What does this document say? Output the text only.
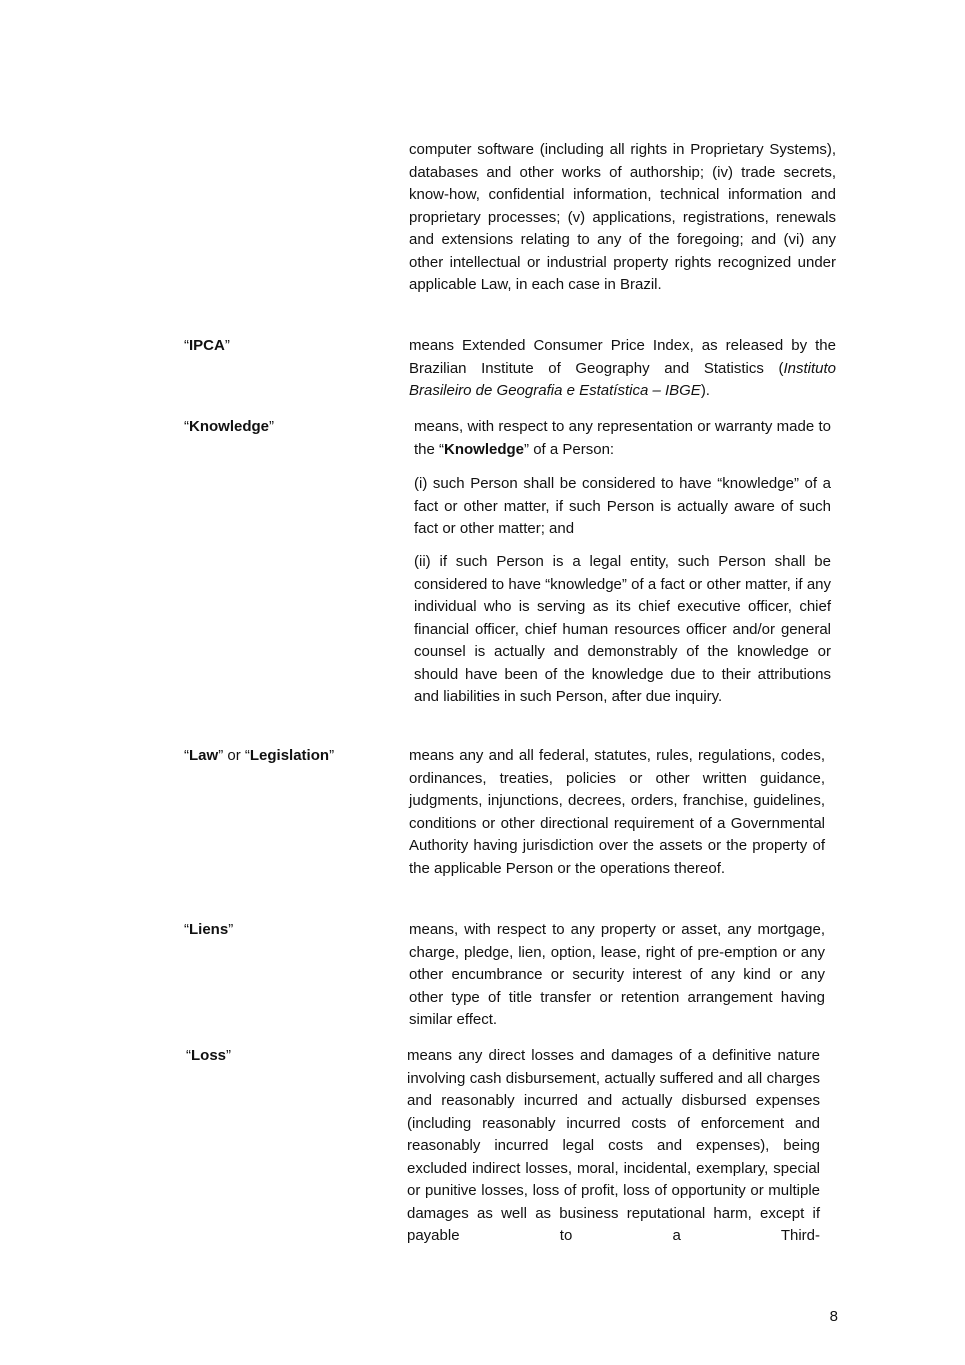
computer software (including all rights in Proprietary Systems), databases and other works of authorship; (iv) trade secrets, know-how, confidential information, technical information and proprietary processes; (v) applications, registrations, renewals and extensions relating to any of the foregoing; and (vi) any other intellectual or industrial property rights recognized under applicable Law, in each case in Brazil.

“IPCA”	means Extended Consumer Price Index, as released by the Brazilian Institute of Geography and Statistics (Instituto Brasileiro de Geografia e Estatística – IBGE).

“Knowledge”	means, with respect to any representation or warranty made to the “Knowledge” of a Person:

(i) such Person shall be considered to have “knowledge” of a fact or other matter, if such Person is actually aware of such fact or other matter; and

(ii) if such Person is a legal entity, such Person shall be considered to have “knowledge” of a fact or other matter, if any individual who is serving as its chief executive officer, chief financial officer, chief human resources officer and/or general counsel is actually and demonstrably of the knowledge or should have been of the knowledge due to their attributions and liabilities in such Person, after due inquiry.

“Law” or “Legislation”	means any and all federal, statutes, rules, regulations, codes, ordinances, treaties, policies or other written guidance, judgments, injunctions, decrees, orders, franchise, guidelines, conditions or other directional requirement of a Governmental Authority having jurisdiction over the assets or the property of the applicable Person or the operations thereof.

“Liens”	means, with respect to any property or asset, any mortgage, charge, pledge, lien, option, lease, right of pre-emption or any other encumbrance or security interest of any kind or any other type of title transfer or retention arrangement having similar effect.

“Loss”	means any direct losses and damages of a definitive nature involving cash disbursement, actually suffered and all charges and reasonably incurred and actually disbursed expenses (including reasonably incurred costs of enforcement and reasonably incurred legal costs and expenses), being excluded indirect losses, moral, incidental, exemplary, special or punitive losses, loss of profit, loss of opportunity or multiple damages as well as business reputational harm, except if payable to a Third-

8
